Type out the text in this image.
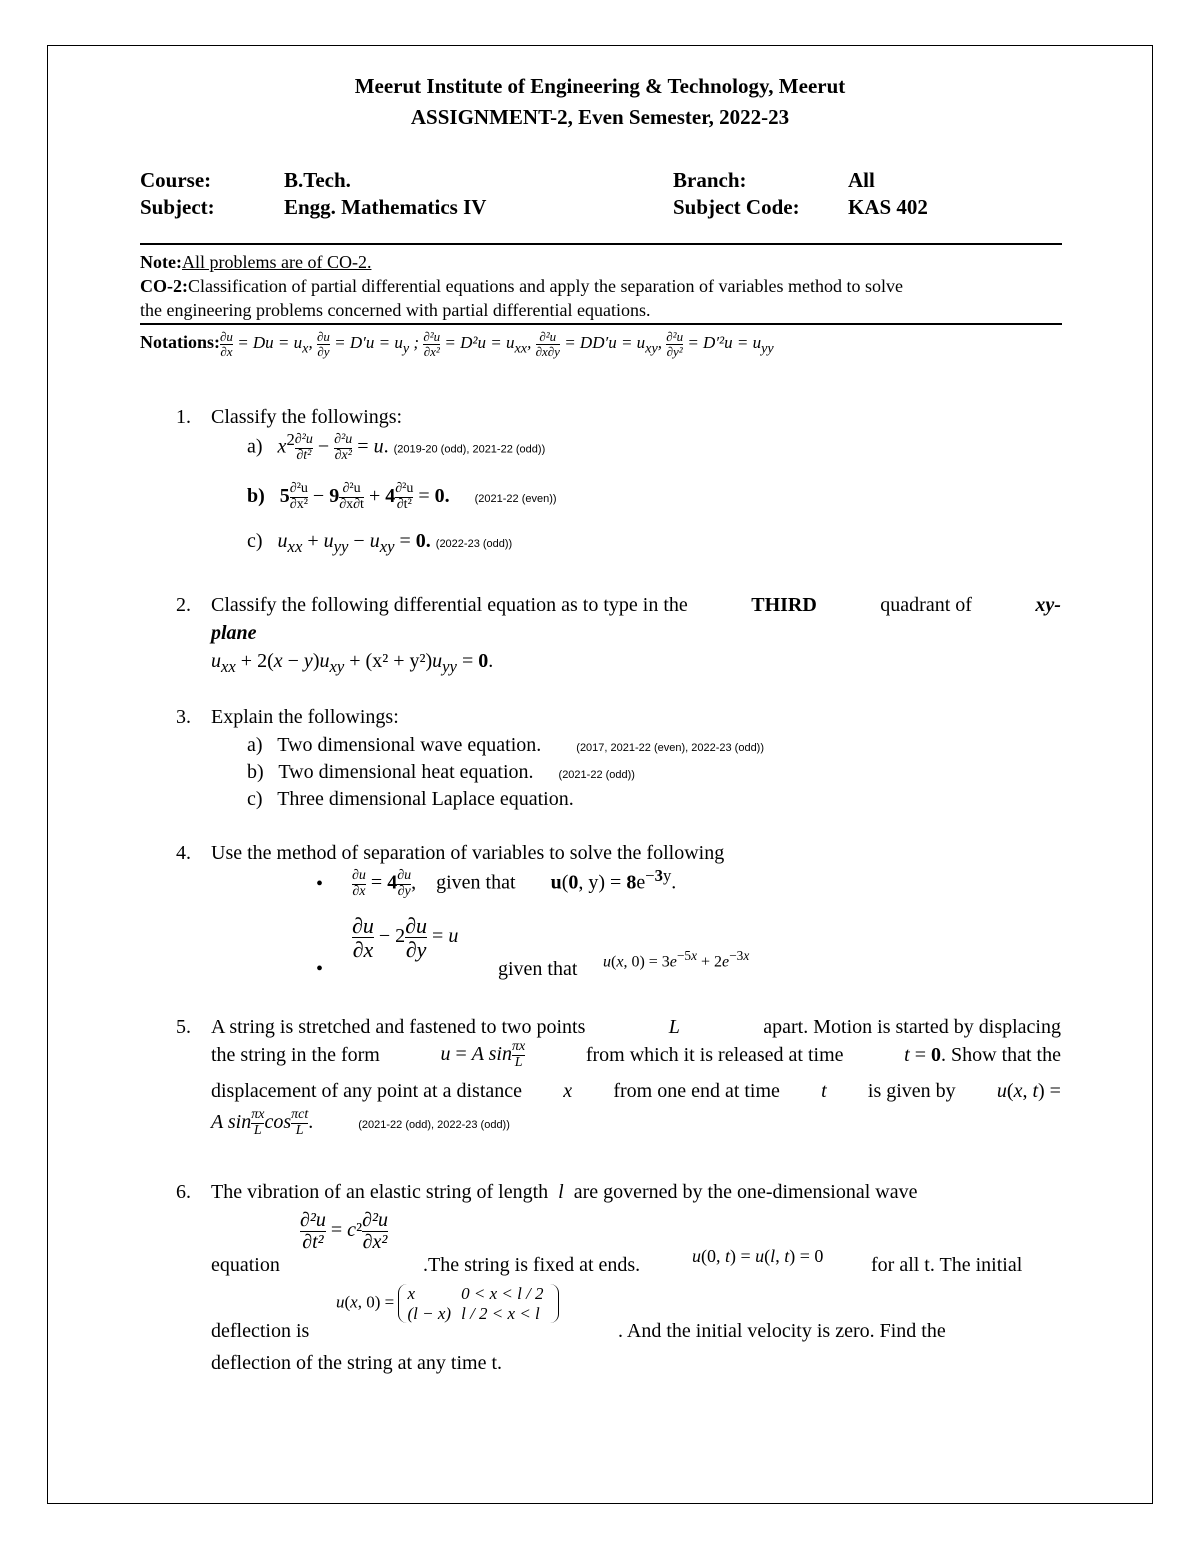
Meerut Institute of Engineering & Technology, Meerut
ASSIGNMENT-2, Even Semester, 2022-23
Course:	B.Tech.	Branch:	All
Subject:	Engg. Mathematics IV	Subject Code: KAS 402
Note:All problems are of CO-2.
CO-2:Classification of partial differential equations and apply the separation of variables method to solve
the engineering problems concerned with partial differential equations.
Notations: $\frac{\partial u}{\partial x} = Du = u_x$, $\frac{\partial u}{\partial y} = D'u = u_y$ ; $\frac{\text{∂²u}}{\text{∂x²}} = D^2u = u_{xx}$, $\frac{\text{∂²u}}{\partial x\partial y} = DD'u = u_{xy}$, $\frac{\text{∂²u}}{\text{∂y²}} = D'^2u = u_{yy}$
1. Classify the followings:
a)   $x^2 \frac{\text{∂²u}}{\text{∂t²}} - \frac{\text{∂²u}}{\text{∂x²}} = u$. (2019-20 (odd), 2021-22 (odd))
b)   $5 \frac{\text{∂²u}}{\text{∂x²}} - 9 \frac{\text{∂²u}}{\partial x\partial t} + 4 \frac{\text{∂²u}}{\text{∂t²}} = 0$. (2021-22 (even))
c)   $u_{xx} + u_{yy} - u_{xy} = 0$. (2022-23 (odd))
2. Classify the following differential equation as to type in the	THIRD	quadrant of	xy-
plane
$u_{xx} + 2(x - y)u_{xy} + (x^2 + y^2)u_{yy} = 0$.
3. Explain the followings:
a)   Two dimensional wave equation.	(2017, 2021-22 (even), 2022-23 (odd))
b)   Two dimensional heat equation. (2021-22 (odd))
c)   Three dimensional Laplace equation.
4. Use the method of separation of variables to solve the following
• $\frac{\partial u}{\partial x} = 4 \frac{\partial u}{\partial y}$ ,    given that u(0, $y) = 8e^{-3y}$.
•
$\frac{\partial u}{\partial x} - 2 \frac{\partial u}{\partial y} = u$
given that u(x, $0) = 3e^{-5x} + 2e^{-3x}$
5. A string is stretched and fastened to two points	L	apart. Motion is started by displacing
the string in the form	u = A $\sin \frac{\pi x}{L}$	from which it is released at time	t = 0. Show that the
displacement of any point at a distance x from one end at time t is given by u(x, t) =
A $\sin \frac{\pi x}{L}$ $\cos \frac{\text{πct}}{L}$ .         (2021-22 (odd), 2022-23 (odd))
6. The vibration of an elastic string of length l are governed by the one-dimensional wave
$\frac{\text{∂²u}}{\text{∂t²}} = c^2 \frac{\text{∂²u}}{\text{∂x²}}$
equation	.The string is fixed at ends.	u(0, t) = u(l, t) = 0 for all t. The initial
deflection is
u(x, 0) = x	0 < x < l / 2
(l − x)	l / 2 < x < l
. And the initial velocity is zero. Find the
deflection of the string at any time t.
